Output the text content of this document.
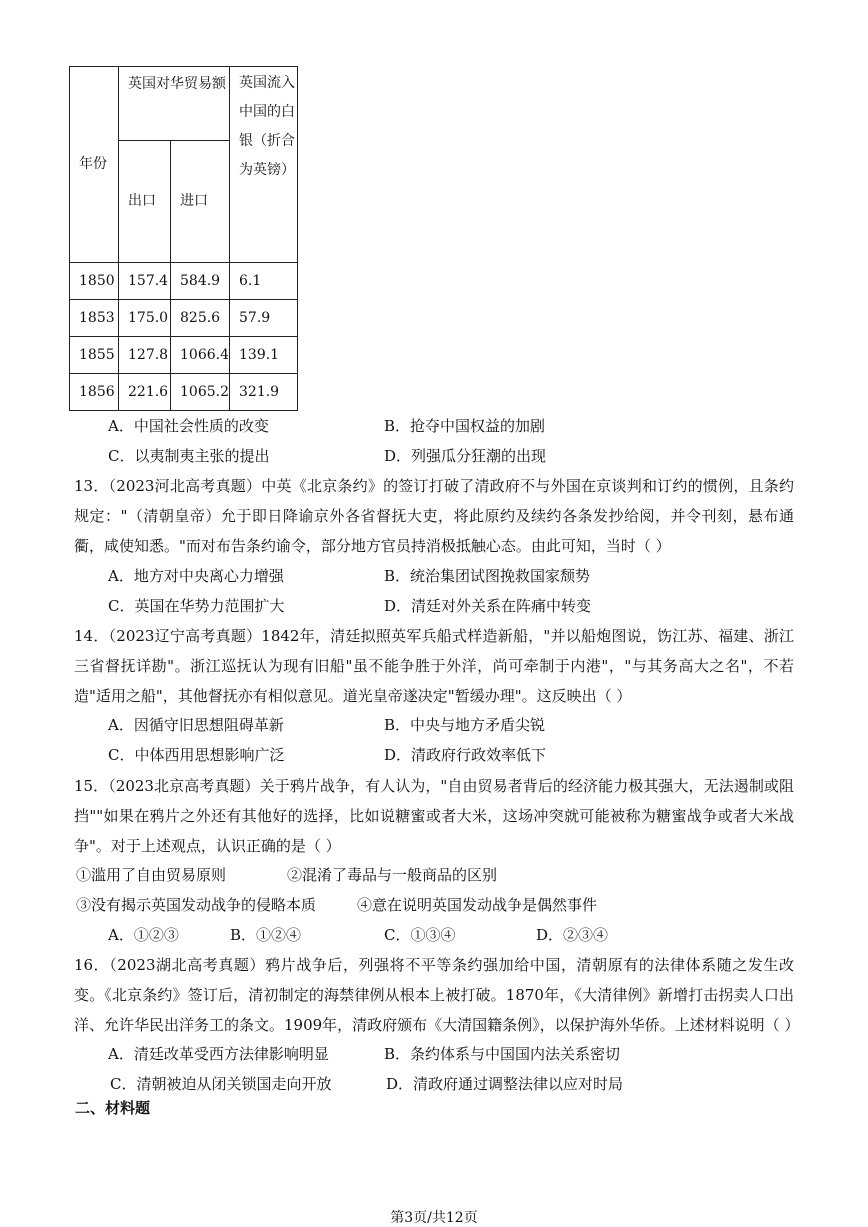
年份	英国对华贸易额		英国流入中国的白银（折合为英镑）
	出口	进口	
1850	157.4	584.9	6.1
1853	175.0	825.6	57.9
1855	127.8	1066.4	139.1
1856	221.6	1065.2	321.9
A．中国社会性质的改变	B．抢夺中国权益的加剧
C．以夷制夷主张的提出	D．列强瓜分狂潮的出现
13．（2023河北高考真题）中英《北京条约》的签订打破了清政府不与外国在京谈判和订约的惯例，且条约规定："（清朝皇帝）允于即日降谕京外各省督抚大吏，将此原约及续约各条发抄给阅，并令刊刻，悬布通衢，咸使知悉。"而对布告条约谕令，部分地方官员持消极抵触心态。由此可知，当时（ ）
A．地方对中央离心力增强	B．统治集团试图挽救国家颓势
C．英国在华势力范围扩大	D．清廷对外关系在阵痛中转变
14．（2023辽宁高考真题）1842年，清廷拟照英军兵船式样造新船，"并以船炮图说，饬江苏、福建、浙江三省督抚详勘"。浙江巡抚认为现有旧船"虽不能争胜于外洋，尚可牵制于内港"，"与其务高大之名"，不若造"适用之船"，其他督抚亦有相似意见。道光皇帝遂决定"暂缓办理"。这反映出（ ）
A．因循守旧思想阻碍革新	B．中央与地方矛盾尖锐
C．中体西用思想影响广泛	D．清政府行政效率低下
15．（2023北京高考真题）关于鸦片战争，有人认为，"自由贸易者背后的经济能力极其强大，无法遏制或阻挡""如果在鸦片之外还有其他好的选择，比如说糖蜜或者大米，这场冲突就可能被称为糖蜜战争或者大米战争"。对于上述观点，认识正确的是（ ）
①滥用了自由贸易原则	②混淆了毒品与一般商品的区别
③没有揭示英国发动战争的侵略本质	④意在说明英国发动战争是偶然事件
A．①②③	B．①②④	C．①③④	D．②③④
16．（2023湖北高考真题）鸦片战争后，列强将不平等条约强加给中国，清朝原有的法律体系随之发生改变。《北京条约》签订后，清初制定的海禁律例从根本上被打破。1870年，《大清律例》新增打击拐卖人口出洋、允许华民出洋务工的条文。1909年，清政府颁布《大清国籍条例》，以保护海外华侨。上述材料说明（ ）
A．清廷改革受西方法律影响明显	B．条约体系与中国国内法关系密切
C．清朝被迫从闭关锁国走向开放	D．清政府通过调整法律以应对时局
二、材料题
第3页/共12页
